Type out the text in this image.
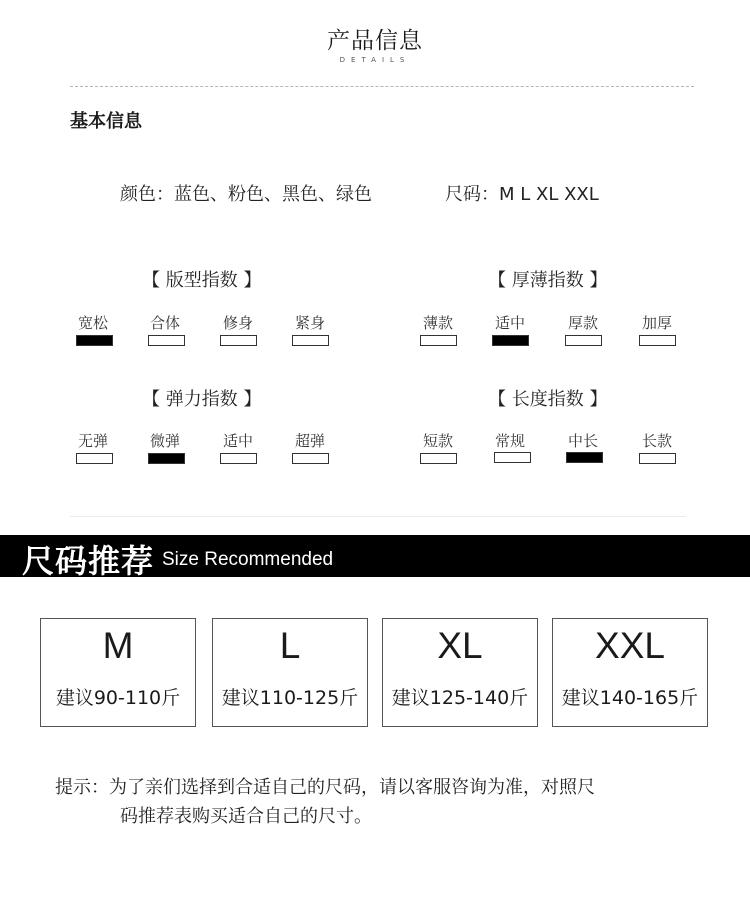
产品信息
DETAILS
基本信息
颜色：蓝色、粉色、黑色、绿色	尺码：M L XL XXL
【 版型指数 】
宽松	合体	修身	紧身
【 厚薄指数 】
薄款	适中	厚款	加厚
【 弹力指数 】
无弹	微弹	适中	超弹
【 长度指数 】
短款	常规	中长	长款
尺码推荐 Size Recommended
M
建议90-110斤
L
建议110-125斤
XL
建议125-140斤
XXL
建议140-165斤
提示：为了亲们选择到合适自己的尺码，请以客服咨询为准，对照尺
码推荐表购买适合自己的尺寸。
